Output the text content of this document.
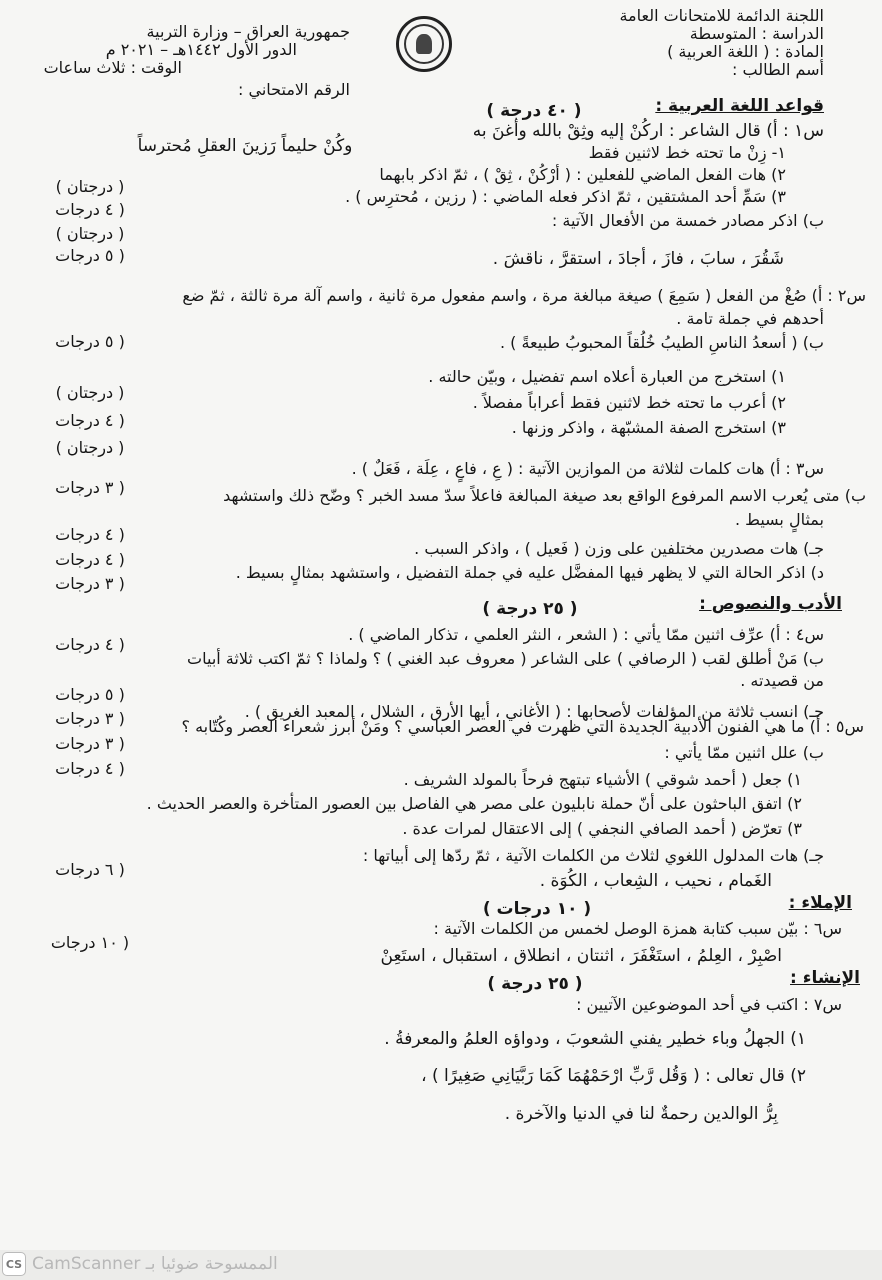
اللجنة الدائمة للامتحانات العامة
الدراسة : المتوسطة
المادة : ( اللغة العربية )
أسم الطالب :
جمهورية العراق – وزارة التربية
الدور الأول ١٤٤٢هـ – ٢٠٢١ م
الوقت : ثلاث ساعات
الرقم الامتحاني :
قواعد اللغة العربية :
( ٤٠ درجة )
س١ : أ) قال الشاعر : اركُنْ إليه وثِقْ بالله وأغنَ به
وكُنْ حليماً رَزينَ العقلِ مُحترساً	١- زِنْ ما تحته خط لاثنين فقط
٢) هات الفعل الماضي للفعلين : ( أرْكُنْ ، ثِقْ ) ، ثمّ اذكر بابهما
٣) سَمِّ أحد المشتقين ، ثمّ اذكر فعله الماضي : ( رزين ، مُحترِس ) .
ب) اذكر مصادر خمسة من الأفعال الآتية :
شَقُرَ ، سابَ ، فازَ ، أجادَ ، استقرَّ ، ناقشَ .
( درجتان )
( ٤ درجات
( درجتان )
( ٥ درجات
س٢ : أ) صُغْ من الفعل ( سَمِعَ ) صيغة مبالغة مرة ، واسم مفعول مرة ثانية ، واسم آلة مرة ثالثة ، ثمّ ضع
أحدهم في جملة تامة .
ب) ( أسعدُ الناسِ الطيبُ خُلُقاً المحبوبُ طبيعةً ) .
١) استخرج من العبارة أعلاه اسم تفضيل ، وبيّن حالته .
٢) أعرب ما تحته خط لاثنين فقط أعراباً مفصلاً .
٣) استخرج الصفة المشبّهة ، واذكر وزنها .
( ٥ درجات
( درجتان )
( ٤ درجات
( درجتان )
س٣ : أ) هات كلمات لثلاثة من الموازين الآتية : ( عِ ، فاعٍ ، عِلَة ، فَعَلٌ ) .
ب) متى يُعرب الاسم المرفوع الواقع بعد صيغة المبالغة فاعلاً سدّ مسد الخبر ؟ وضّح ذلك واستشهد
بمثالٍ بسيط .
جـ) هات مصدرين مختلفين على وزن ( فَعيل ) ، واذكر السبب .
د) اذكر الحالة التي لا يظهر فيها المفضَّل عليه في جملة التفضيل ، واستشهد بمثالٍ بسيط .
( ٣ درجات
( ٤ درجات
( ٤ درجات
( ٣ درجات
الأدب والنصوص :
( ٢٥ درجة )
س٤ : أ) عرِّف اثنين ممّا يأتي : ( الشعر ، النثر العلمي ، تذكار الماضي ) .
ب) مَنْ أطلق لقب ( الرصافي ) على الشاعر ( معروف عبد الغني ) ؟ ولماذا ؟ ثمّ اكتب ثلاثة أبيات
من قصيدته .
جـ) انسب ثلاثة من المؤلفات لأصحابها : ( الأغاني ، أيها الأرق ، الشلال ، المعبد الغريق ) .
( ٤ درجات
( ٥ درجات
( ٣ درجات	س٥ : أ) ما هي الفنون الأدبية الجديدة التي ظهرت في العصر العباسي ؟ ومَنْ أبرز شعراء العصر وكُتّابه ؟
ب) علل اثنين ممّا يأتي :
١) جعل ( أحمد شوقي ) الأشياء تبتهج فرحاً بالمولد الشريف .
٢) اتفق الباحثون على أنّ حملة نابليون على مصر هي الفاصل بين العصور المتأخرة والعصر الحديث .
٣) تعرّض ( أحمد الصافي النجفي ) إلى الاعتقال لمرات عدة .
جـ) هات المدلول اللغوي لثلاث من الكلمات الآتية ، ثمّ ردّها إلى أبياتها :
الغَمام ، نحيب ، الشِعاب ، الكُوَة .
( ٣ درجات
( ٤ درجات
( ٦ درجات
الإملاء :
( ١٠ درجات )
س٦ : بيّن سبب كتابة همزة الوصل لخمس من الكلمات الآتية :
اصْبِرْ ، العِلمُ ، استَغْفَرَ ، اثنتان ، انطلاق ، استقبال ، استَعِنْ
( ١٠ درجات
الإنشاء :
( ٢٥ درجة )
س٧ : اكتب في أحد الموضوعين الآتيين :
١) الجهلُ وباء خطير يفني الشعوبَ ، ودواؤه العلمُ والمعرفةُ .
٢) قال تعالى : ( وَقُل رَّبِّ ارْحَمْهُمَا كَمَا رَبَّيَانِي صَغِيرًا ) ،
بِرُّ الوالدين رحمةٌ لنا في الدنيا والآخرة .
CS الممسوحة ضوئيا بـ CamScanner
